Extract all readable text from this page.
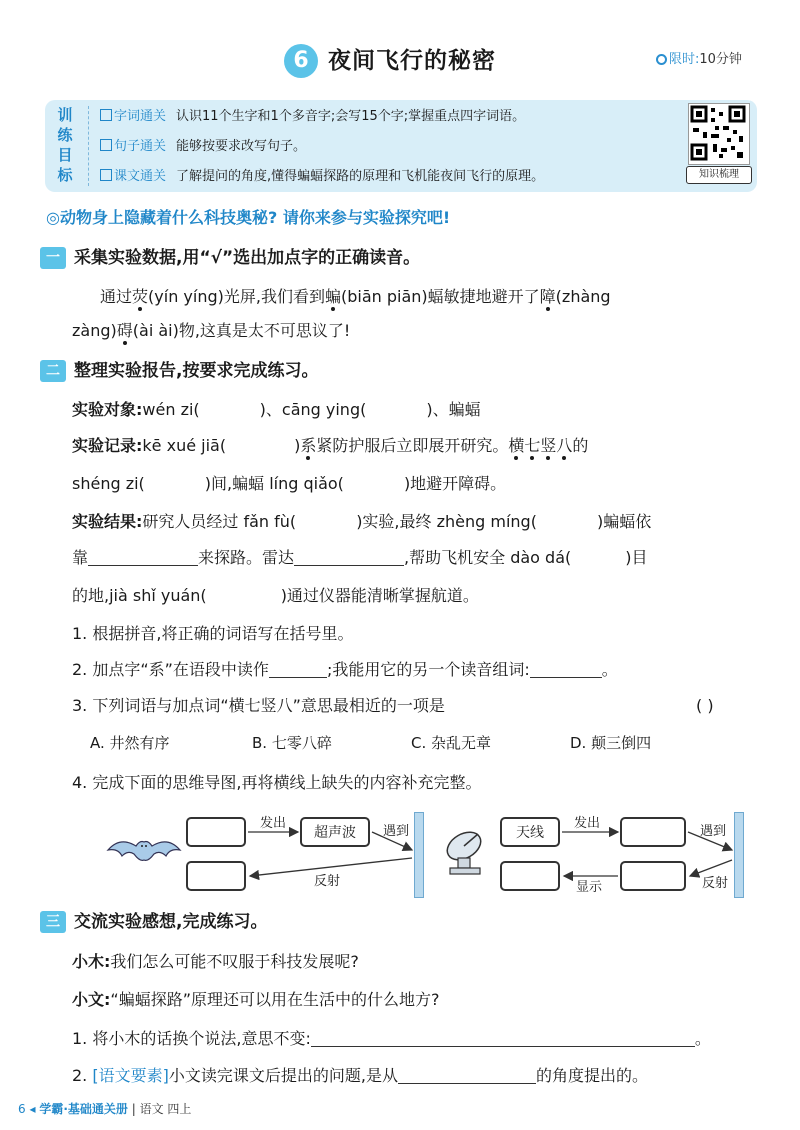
6 夜间飞行的秘密	限时:10分钟
训
练
目
标
字词通关 认识11个生字和1个多音字;会写15个字;掌握重点四字词语。
句子通关 能够按要求改写句子。
课文通关 了解提问的角度,懂得蝙蝠探路的原理和飞机能夜间飞行的原理。	知识梳理
◎动物身上隐藏着什么科技奥秘? 请你来参与实验探究吧!
一 采集实验数据,用“√”选出加点字的正确读音。
通过荧(yín yíng)光屏,我们看到蝙(biān piān)蝠敏捷地避开了障(zhàng
zàng)碍(ài ài)物,这真是太不可思议了!
二 整理实验报告,按要求完成练习。
实验对象:wén zi(	)、cāng ying(	)、蝙蝠
实验记录:kē xué jiā(	)系紧防护服后立即展开研究。横七竖八的
shéng zi(	)间,蝙蝠 líng qiǎo(	)地避开障碍。
实验结果:研究人员经过 fǎn fù(	)实验,最终 zhèng míng(	)蝙蝠依
靠	来探路。雷达	,帮助飞机安全 dào dá(	)目
的地,jià shǐ yuán(	)通过仪器能清晰掌握航道。
1. 根据拼音,将正确的词语写在括号里。
2. 加点字“系”在语段中读作	;我能用它的另一个读音组词:	。
3. 下列词语与加点词“横七竖八”意思最相近的一项是	( )
A. 井然有序	B. 七零八碎	C. 杂乱无章	D. 颠三倒四
4. 完成下面的思维导图,再将横线上缺失的内容补充完整。
超声波
发出
遇到
反射
天线
发出
遇到
显示	反射
三 交流实验感想,完成练习。
小木:我们怎么可能不叹服于科技发展呢?
小文:“蝙蝠探路”原理还可以用在生活中的什么地方?
1. 将小木的话换个说法,意思不变:	。
2. [语文要素]小文读完课文后提出的问题,是从	的角度提出的。
6 ◂ 学霸·基础通关册 | 语文 四上
